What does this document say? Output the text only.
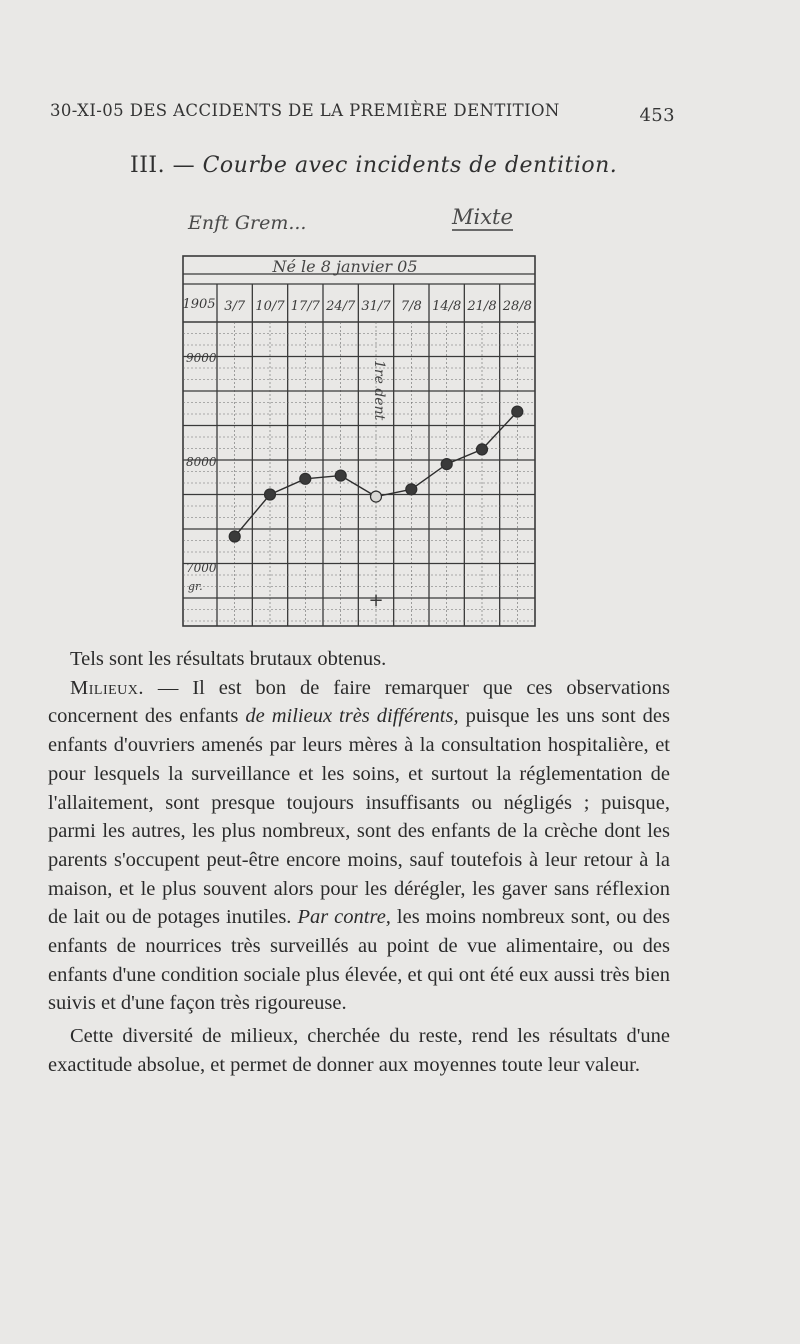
30-XI-05 DES ACCIDENTS DE LA PREMIÈRE DENTITION	453
III. — Courbe avec incidents de dentition.
Enft Grem...	Mixte
Né le 8 janvier 05
1905
9000
8000
7000
gr.
1re dent
+
3/7 10/7 17/7 24/7 31/7 7/8 14/8 21/8 28/8

Tels sont les résultats brutaux obtenus.

Milieux. — Il est bon de faire remarquer que ces observations concernent des enfants de milieux très différents, puisque les uns sont des enfants d'ouvriers amenés par leurs mères à la consultation hospitalière, et pour lesquels la surveillance et les soins, et surtout la réglementation de l'allaitement, sont presque toujours insuffisants ou négligés ; puisque, parmi les autres, les plus nombreux, sont des enfants de la crèche dont les parents s'occupent peut-être encore moins, sauf toutefois à leur retour à la maison, et le plus souvent alors pour les dérégler, les gaver sans réflexion de lait ou de potages inutiles. Par contre, les moins nombreux sont, ou des enfants de nourrices très surveillés au point de vue alimentaire, ou des enfants d'une condition sociale plus élevée, et qui ont été eux aussi très bien suivis et d'une façon très rigoureuse.

Cette diversité de milieux, cherchée du reste, rend les résultats d'une exactitude absolue, et permet de donner aux moyennes toute leur valeur.
